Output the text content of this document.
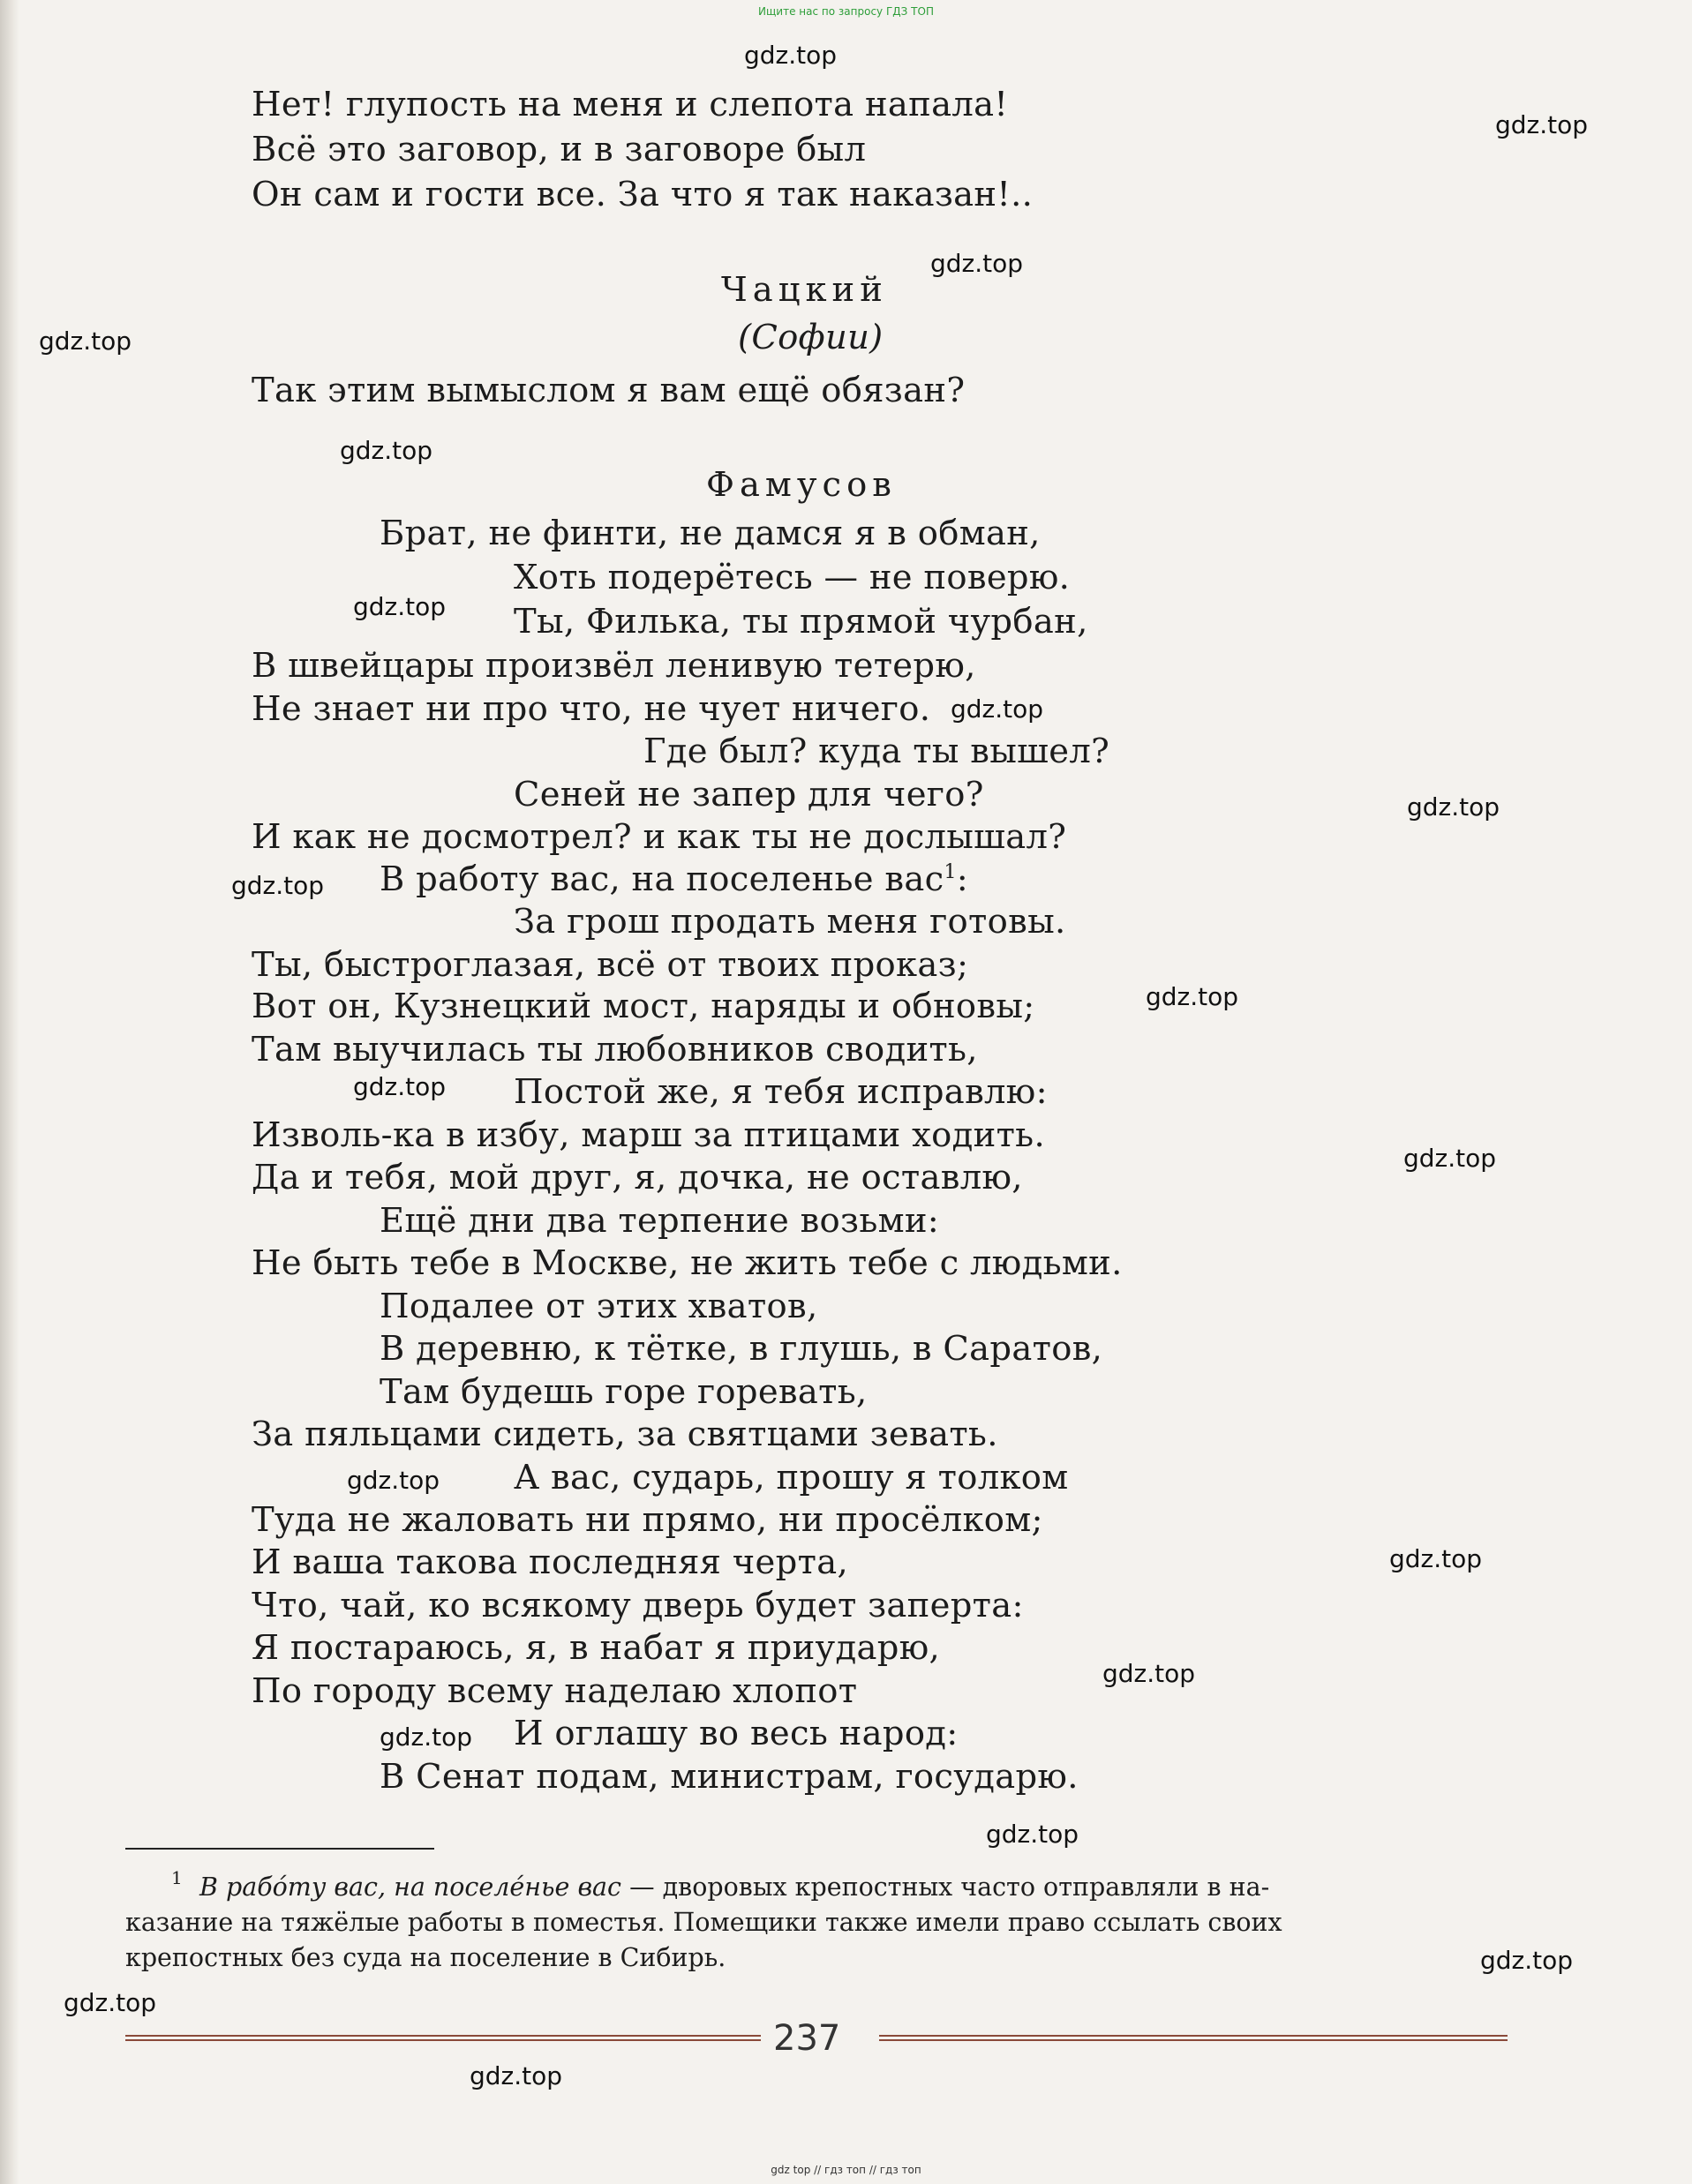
Ищите нас по запросу ГДЗ ТОП
Нет! глупость на меня и слепота напала!
Всё это заговор, и в заговоре был
Он сам и гости все. За что я так наказан!..
Чацкий
(Софии)
Так этим вымыслом я вам ещё обязан?
Фамусов
Брат, не финти, не дамся я в обман,
Хоть подерётесь — не поверю.
Ты, Филька, ты прямой чурбан,
В швейцары произвёл ленивую тетерю,
Не знает ни про что, не чует ничего.
Где был? куда ты вышел?
Сеней не запер для чего?
И как не досмотрел? и как ты не дослышал?
В работу вас, на поселенье вас$^1$:
За грош продать меня готовы.
Ты, быстроглазая, всё от твоих проказ;
Вот он, Кузнецкий мост, наряды и обновы;
Там выучилась ты любовников сводить,
Постой же, я тебя исправлю:
Изволь-ка в избу, марш за птицами ходить.
Да и тебя, мой друг, я, дочка, не оставлю,
Ещё дни два терпение возьми:
Не быть тебе в Москве, не жить тебе с людьми.
Подалее от этих хватов,
В деревню, к тётке, в глушь, в Саратов,
Там будешь горе горевать,
За пяльцами сидеть, за святцами зевать.
А вас, сударь, прошу я толком
Туда не жаловать ни прямо, ни просёлком;
И ваша такова последняя черта,
Что, чай, ко всякому дверь будет заперта:
Я постараюсь, я, в набат я приударю,
По городу всему наделаю хлопот
И оглашу во весь народ:
В Сенат подам, министрам, государю.
1 В рабо́ту вас, на поселе́нье вас — дворовых крепостных часто отправляли в на-
казание на тяжёлые работы в поместья. Помещики также имели право ссылать своих
крепостных без суда на поселение в Сибирь.
237
gdz.top
gdz.top
gdz.top
gdz.top
gdz.top
gdz.top
gdz.top
gdz.top
gdz.top
gdz.top
gdz.top
gdz.top
gdz.top
gdz.top
gdz.top
gdz.top
gdz.top
gdz.top
gdz.top
gdz.top
gdz top // гдз топ // гдз топ
